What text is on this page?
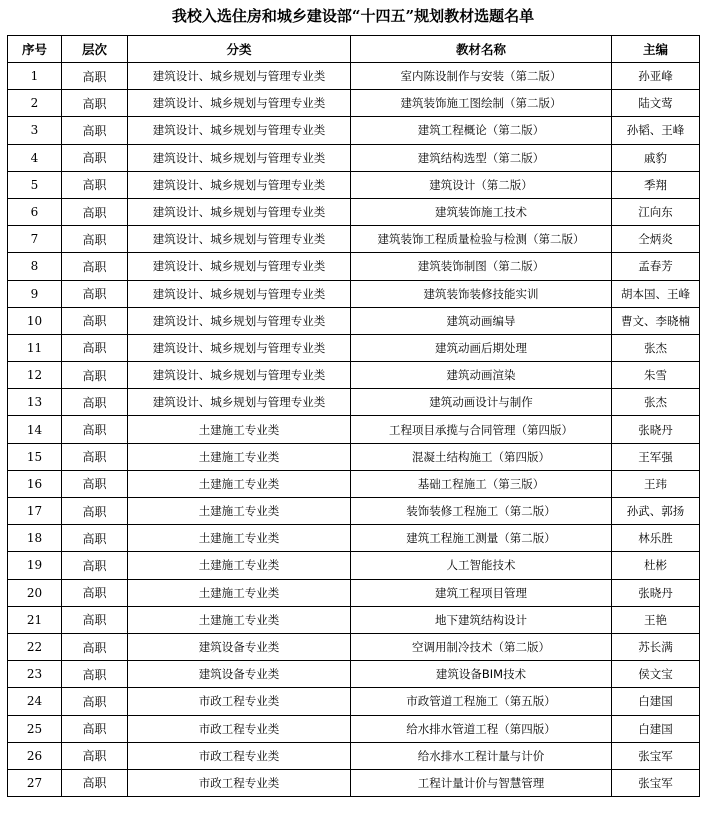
我校入选住房和城乡建设部“十四五”规划教材选题名单
序号	层次	分类	教材名称	主编
1	高职	建筑设计、城乡规划与管理专业类	室内陈设制作与安装（第二版）	孙亚峰
2	高职	建筑设计、城乡规划与管理专业类	建筑装饰施工图绘制（第二版）	陆文莺
3	高职	建筑设计、城乡规划与管理专业类	建筑工程概论（第二版）	孙韬、王峰
4	高职	建筑设计、城乡规划与管理专业类	建筑结构选型（第二版）	戚豹
5	高职	建筑设计、城乡规划与管理专业类	建筑设计（第二版）	季翔
6	高职	建筑设计、城乡规划与管理专业类	建筑装饰施工技术	江向东
7	高职	建筑设计、城乡规划与管理专业类	建筑装饰工程质量检验与检测（第二版）	仝炳炎
8	高职	建筑设计、城乡规划与管理专业类	建筑装饰制图（第二版）	孟春芳
9	高职	建筑设计、城乡规划与管理专业类	建筑装饰装修技能实训	胡本国、王峰
10	高职	建筑设计、城乡规划与管理专业类	建筑动画编导	曹文、李晓楠
11	高职	建筑设计、城乡规划与管理专业类	建筑动画后期处理	张杰
12	高职	建筑设计、城乡规划与管理专业类	建筑动画渲染	朱雪
13	高职	建筑设计、城乡规划与管理专业类	建筑动画设计与制作	张杰
14	高职	土建施工专业类	工程项目承揽与合同管理（第四版）	张晓丹
15	高职	土建施工专业类	混凝土结构施工（第四版）	王军强
16	高职	土建施工专业类	基础工程施工（第三版）	王玮
17	高职	土建施工专业类	装饰装修工程施工（第二版）	孙武、郭扬
18	高职	土建施工专业类	建筑工程施工测量（第二版）	林乐胜
19	高职	土建施工专业类	人工智能技术	杜彬
20	高职	土建施工专业类	建筑工程项目管理	张晓丹
21	高职	土建施工专业类	地下建筑结构设计	王艳
22	高职	建筑设备专业类	空调用制冷技术（第二版）	苏长满
23	高职	建筑设备专业类	建筑设备BIM技术	侯文宝
24	高职	市政工程专业类	市政管道工程施工（第五版）	白建国
25	高职	市政工程专业类	给水排水管道工程（第四版）	白建国
26	高职	市政工程专业类	给水排水工程计量与计价	张宝军
27	高职	市政工程专业类	工程计量计价与智慧管理	张宝军
